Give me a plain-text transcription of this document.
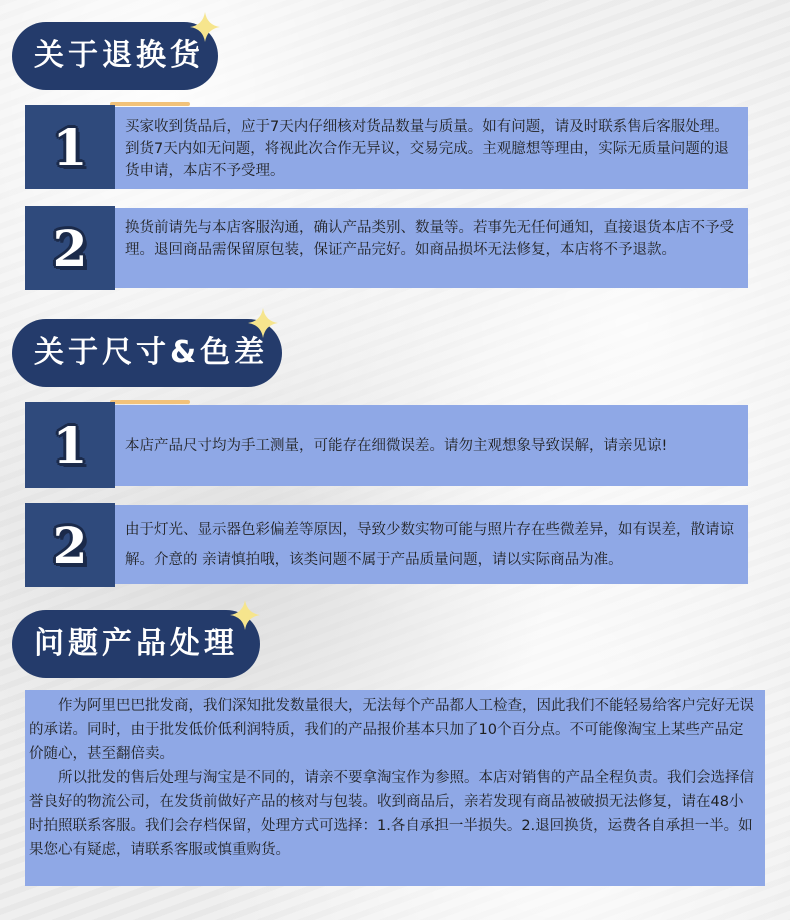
关于退换货
1	买家收到货品后，应于7天内仔细核对货品数量与质量。如有问题，请及时联系售后客服处理。到货7天内如无问题，将视此次合作无异议，交易完成。主观臆想等理由，实际无质量问题的退货申请，本店不予受理。
2	换货前请先与本店客服沟通，确认产品类别、数量等。若事先无任何通知，直接退货本店不予受理。退回商品需保留原包装，保证产品完好。如商品损坏无法修复，本店将不予退款。
关于尺寸&色差
1	本店产品尺寸均为手工测量，可能存在细微误差。请勿主观想象导致误解，请亲见谅!
2	由于灯光、显示器色彩偏差等原因，导致少数实物可能与照片存在些微差异，如有误差，散请谅解。介意的 亲请慎拍哦，该类问题不属于产品质量问题，请以实际商品为准。
问题产品处理

作为阿里巴巴批发商，我们深知批发数量很大，无法每个产品都人工检查，因此我们不能轻易给客户完好无误的承诺。同时，由于批发低价低利润特质，我们的产品报价基本只加了10个百分点。不可能像淘宝上某些产品定价随心，甚至翻倍卖。

所以批发的售后处理与淘宝是不同的，请亲不要拿淘宝作为参照。本店对销售的产品全程负责。我们会选择信誉良好的物流公司，在发货前做好产品的核对与包装。收到商品后，亲若发现有商品被破损无法修复，请在48小时拍照联系客服。我们会存档保留，处理方式可选择：1.各自承担一半损失。2.退回换货，运费各自承担一半。如果您心有疑虑，请联系客服或慎重购货。
